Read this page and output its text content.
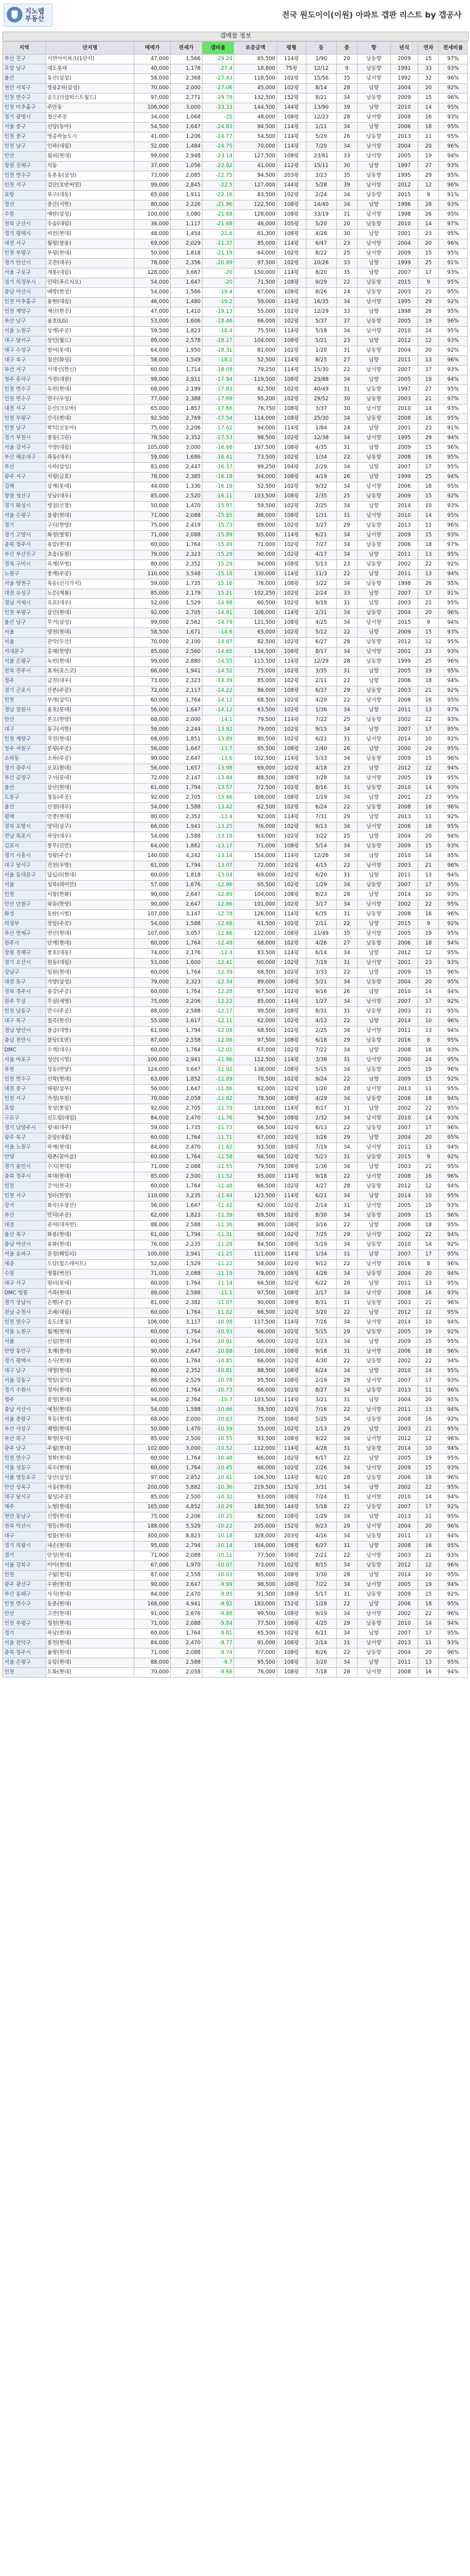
지노랩
부동산	전국 원도이이(이원) 아파트 갭판 리스트 by 갭공사
갭매물 정보
지역	단지명	매매가	전세가	갭비율	보증금액	평형	동	층	향	년식	연차	전세비율
부산 진구	서면아이파크(1단지)	47,000	1,566	-29.24	65,500	114평	1/90	20	남동향	2009	15	97%
포항 남구	대도롯데	40,000	1,178	-27.4	18,800	75평	12/12	9	남동향	1991	33	93%
울산	동산(삼성)	58,000	2,368	-27.43	118,500	102평	15/56	35	남서향	1992	32	96%
천안 서북구	쌍용2차(삼성)	70,000	2,000	-27.06	45,000	102평	8/14	28	남향	2004	20	92%
인천 연수구	송도(더샵퍼스트월드)	97,000	2,771	-29.79	132,500	152평	8/21	34	남동향	2009	15	96%
인천 미추홀구	주안동	106,000	3,000	-33.33	144,500	144평	13/90	39	남향	2010	14	95%
경기 광명시	철산주공	34,000	1,068	-25	48,000	108평	12/23	28	남서향	2008	16	93%
서울 중구	신당(동아)	54,500	1,647	-24.83	94,500	114평	1/11	34	남향	2006	18	95%
인천 중구	영종하늘도시	41,000	1,206	-24.77	54,500	114평	5/29	26	남동향	2013	11	95%
인천 남구	인하(대림)	52,000	1,484	-24.75	70,000	114평	7/20	34	남서향	2004	20	96%
안산	월피(현대)	99,000	2,948	-23.14	127,500	108평	23/81	33	남서향	2005	19	94%
창원 진해구	석동	37,000	1,056	-22.92	41,000	112평	15/11	30	남향	1997	27	93%
인천 연수구	동춘동(삼성)	73,000	2,085	-22.75	94,500	203평	3/23	35	남동향	1995	29	95%
인천 서구	검단(호반써밋)	99,000	2,845	-22.5	127,000	144평	5/28	39	남서향	2012	12	96%
포항	북구(대동)	65,000	1,911	-22.16	83,500	102평	2/24	34	남동향	2015	9	91%
경산	중산(서한)	80,000	2,226	-21.96	122,500	108평	14/40	34	남향	1996	28	93%
수원	매탄(삼성)	100,000	3,080	-21.88	128,000	108평	33/19	31	남서향	1998	26	95%
전북 군산시	수송(대림)	36,000	1,117	-21.68	46,000	105평	5/20	20	남동향	2010	14	97%
경기 평택시	비전(현대)	48,000	1,454	-21.6	61,300	108평	4/28	30	남향	2001	23	95%
대전 서구	월평(쌍용)	69,000	2,029	-21.37	85,000	114평	6/47	23	남서향	2004	20	96%
인천 부평구	부평(현대)	50,000	1,818	-21.19	64,000	102평	8/22	25	남서향	2009	15	95%
경기 안산시	고잔(대우)	78,000	2,356	-20.99	97,500	102평	10/26	33	남향	1999	25	91%
서울 구로구	개봉(대림)	128,000	3,667	-20	150,000	114평	8/20	35	남향	2007	17	93%
경기 의정부시	민락(푸르지오)	54,000	1,647	-20	71,500	108평	9/29	22	남동향	2015	9	95%
충남 아산시	배방(한성)	54,000	1,566	-19.4	67,000	108평	8/26	24	남동향	2003	21	95%
인천 미추홀구	용현(대림)	46,000	1,480	-19.2	59,000	114평	16/35	34	남서향	1995	29	92%
인천 계양구	계산(한진)	47,000	1,410	-19.13	55,000	102평	12/29	33	남향	1998	26	95%
부산 남구	용호(LG)	53,000	1,606	-18.46	66,000	102평	5/37	37	남동향	2005	19	96%
서울 노원구	상계(주공)	59,500	1,823	-18.4	75,500	114평	5/18	34	남서향	2010	14	95%
대구 달서구	상인(월드)	89,000	2,578	-18.27	104,000	108평	5/21	23	남향	2012	12	93%
대구 수성구	범어(롯데)	64,000	1,950	-18.31	81,000	102평	1/20	31	남동향	2004	20	92%
대구 북구	침산(화성)	58,000	1,549	-18.1	52,500	114평	8/25	27	남향	2011	13	96%
부산 서구	서대신(한신)	60,000	1,714	-18.09	79,250	114평	15/30	22	남서향	2007	17	93%
청주 흥덕구	가경(대원)	99,000	2,911	-17.94	119,500	108평	23/88	34	남향	2005	19	94%
인천 연수구	옥련(현대)	68,000	2,199	-17.83	82,500	102평	40/49	31	남동향	1997	27	95%
인천 연수구	연수(우성)	77,000	2,388	-17.69	95,200	102평	29/52	30	남동향	2003	21	97%
대전 서구	둔산(크로바)	65,000	1,857	-17.66	76,750	108평	3/37	30	남서향	2010	14	93%
인천 부평구	산곡(현대)	92,500	2,769	-17.54	114,000	108평	25/30	34	남동향	2008	16	95%
인천 남구	학익(신동아)	75,000	2,206	-17.62	94,000	114평	1/84	24	남향	2001	23	91%
경기 부천시	중동(그린)	78,500	2,352	-17.53	98,500	102평	12/38	34	남서향	1995	29	94%
서울 강서구	가양(대림)	105,000	3,000	-16.66	197,500	108평	4/35	31	남향	2009	15	96%
부산 해운대구	좌동(대우)	59,000	1,686	-16.41	73,500	102평	1/34	22	남동향	2008	16	95%
부산	사하(삼성)	83,000	2,447	-16.37	99,250	104평	2/29	34	남향	2007	17	95%
광주 서구	치평(금호)	78,000	2,385	-16.18	94,000	108평	4/19	26	남향	1999	25	94%
김해	삼계(롯데)	44,000	1,330	-16.19	52,500	102평	9/32	34	남서향	2006	18	95%
창원 성산구	상남(대우)	85,000	2,520	-16.11	103,500	108평	2/35	25	남동향	2009	15	92%
경기 화성시	병점(신창)	50,000	1,470	-15.97	59,500	102평	2/25	34	남향	2014	10	93%
서울 은평구	불광(현대)	71,000	2,088	-15.95	86,000	108평	1/31	31	남서향	2010	14	95%
경기	구리(한양)	75,000	2,419	-15.73	89,000	102평	3/27	29	남동향	2013	11	96%
경기 고양시	화정(별빛)	71,000	2,088	-15.89	95,000	114평	6/21	34	남서향	2009	15	93%
충북 청주시	용암(현대)	60,000	1,764	-15.49	71,000	102평	7/27	34	남동향	2006	18	97%
부산 부산진구	초읍(동원)	79,000	2,323	-15.28	90,000	102평	4/17	34	남향	2011	13	95%
경북 구미시	옥계(부영)	80,000	2,352	-15.29	94,000	108평	5/13	23	남동향	2002	22	92%
노원구	중계(주공)	110,000	3,548	-15.18	130,000	114평	11/3	22	남향	2011	13	94%
서울 양천구	목동(신시가지)	59,000	1,735	-15.16	76,000	108평	3/22	34	남동향	1998	26	95%
대전 유성구	노은(계룡)	85,000	2,179	-15.21	102,250	102평	2/24	33	남향	2007	17	91%
경남 거제시	옥포(대우)	52,000	1,529	-14.98	60,500	102평	9/19	31	남향	2003	21	95%
인천 부평구	삼산(현대)	92,000	2,705	-14.91	108,000	114평	2/31	34	남동향	2004	20	96%
울산 남구	무거(삼성)	99,000	2,562	-14.79	121,500	108평	4/25	34	남서향	2015	9	94%
서울	양천(현대)	58,500	1,671	-14.6	65,000	102평	5/12	22	남향	2009	15	93%
서울	관악(두산)	70,000	2,100	-14.67	82,500	102평	6/27	28	남동향	2012	12	95%
서대문구	홍제(한양)	85,000	2,560	-14.65	134,500	108평	8/17	34	남서향	2001	23	93%
서울 은평구	녹번(현대)	99,000	2,880	-14.55	115,500	114평	12/29	28	남동향	1999	25	96%
전북 전주시	효자(포스코)	66,000	1,941	-14.52	75,000	102평	3/35	31	남향	2005	19	95%
청주	금천(대우)	73,000	2,323	-14.39	85,000	102평	2/11	22	남향	2006	18	94%
경기 군포시	산본(주공)	72,000	2,117	-14.22	86,000	108평	6/37	29	남동향	2003	21	92%
인천	부개(삼익)	60,000	1,764	-14.12	68,500	102평	4/20	22	남서향	2008	16	95%
경남 창원시	용호(롯데)	56,000	1,647	-14.12	63,500	102평	1/36	34	남향	2011	13	97%
안산	본오(한양)	68,000	2,000	-14.1	79,500	114평	7/22	25	남동향	2002	22	93%
대구	동구(서한)	56,000	2,244	-13.92	79,000	102평	9/15	34	남향	2007	17	95%
인천 계양구	작전(현대)	68,000	1,851	-13.89	80,500	102평	6/21	31	남서향	2014	10	92%
청주 서원구	분평(주공)	56,000	1,647	-13.7	65,500	108평	2/40	26	남향	2000	24	95%
소하동	소하(주공)	90,000	2,647	-13.6	102,500	114평	5/33	34	남동향	2009	15	96%
경기 광주시	오포(현대)	56,000	1,657	-13.98	69,000	102평	4/18	23	남향	2012	12	94%
부산 금정구	구서(롯데)	72,000	2,147	-13.84	88,500	108평	3/28	34	남서향	2005	19	95%
울산	삼산(현대)	61,000	1,794	-13.57	72,500	102평	8/16	31	남동향	2010	14	93%
도봉구	창동(주공)	92,000	2,705	-13.46	108,000	108평	1/19	34	남향	2001	23	95%
울산	신정(대우)	54,000	1,588	-13.42	62,500	102평	6/24	22	남동향	2008	16	96%
평택	안중(현대)	80,000	2,352	-13.4	92,000	114평	7/31	29	남향	2013	11	92%
경북 포항시	양덕(삼구)	66,000	1,941	-13.25	76,000	102평	9/13	34	남서향	2006	18	95%
전남 목포시	하당(대우)	54,000	1,588	-13.19	63,000	102평	3/22	25	남향	2004	20	94%
김포시	풍무(신안)	64,000	1,882	-13.17	71,000	108평	5/14	34	남동향	2009	15	93%
경기 시흥시	정왕(주공)	140,000	4,242	-13.14	154,000	114평	12/26	34	남향	2010	14	95%
대구 달서구	진천(우방)	61,000	1,794	-13.07	72,000	102평	4/15	22	남서향	2003	21	96%
서울 동대문구	답십리(현대)	60,000	1,818	-13.04	69,000	102평	6/20	31	남향	2011	13	94%
서울	성북(래미안)	57,000	1,676	-12.96	65,500	102평	1/29	34	남동향	2007	17	95%
인천	서창(한화)	90,000	2,647	-12.89	104,000	108평	8/23	28	남향	2014	10	93%
안산 단원구	와동(한양)	90,000	2,647	-12.86	101,000	102평	3/17	34	남서향	2002	22	95%
화성	동탄(시범)	107,000	3,147	-12.78	126,000	114평	6/35	31	남동향	2008	16	96%
의정부	장암(주공)	54,000	1,588	-12.68	61,500	102평	2/11	22	남향	2015	9	92%
부산 연제구	연산(현대)	107,000	3,057	-12.66	122,000	108평	11/49	35	남서향	2005	19	95%
원주시	단계(현대)	60,000	1,764	-12.49	68,000	102평	4/26	27	남동향	2006	18	94%
창원 진해구	풍호(대동)	74,000	2,176	-12.4	83,500	114평	6/14	34	남향	2012	12	95%
경기 오산시	원동(대림)	53,000	1,600	-12.41	60,000	102평	7/19	31	남서향	2001	23	93%
강남구	일원(현대)	60,000	1,764	-12.39	68,500	102평	3/33	22	남향	2009	15	96%
대전 동구	가양(삼성)	79,000	2,323	-12.34	89,000	108평	5/21	34	남동향	2004	20	95%
경북 경주시	용강(주공)	60,000	1,764	-12.28	67,500	102평	9/16	26	남향	2010	14	94%
원주 무실	무실(세영)	75,000	2,206	-12.22	85,000	114평	1/27	34	남서향	2007	17	92%
인천 남동구	만수(주공)	88,000	2,588	-12.17	99,500	108평	8/31	31	남동향	2003	21	95%
대구 북구	칠곡(한신)	55,000	1,617	-12.11	62,000	102평	4/12	22	남향	2014	10	96%
경남 양산시	물금(대방)	61,000	1,794	-12.08	68,500	102평	2/25	34	남서향	2011	13	94%
충남 천안시	불당(호반)	87,000	2,558	-12.06	97,500	108평	6/18	29	남동향	2016	8	95%
DMC	수색(대우)	60,000	1,764	-12.01	67,000	102평	7/22	34	남향	2008	16	93%
서울 마포구	성산(시영)	100,000	2,941	-11.96	112,500	114평	3/38	31	남서향	2000	24	95%
부천	상동(반달)	124,000	3,647	-11.92	138,000	108평	5/15	34	남동향	2005	19	96%
인천 연수구	선학(현대)	63,000	1,852	-11.89	70,500	102평	9/24	22	남향	2009	15	92%
대전 중구	태평(삼부)	56,000	1,647	-11.86	62,000	102평	1/20	28	남서향	2013	11	95%
인천 서구	가정(루원)	70,000	2,058	-11.82	78,500	108평	4/29	34	남동향	2006	18	94%
포항	장성(풍림)	92,000	2,705	-11.79	103,000	114평	8/17	31	남향	2002	22	95%
구로구	신도림(대림)	84,000	2,470	-11.76	94,500	108평	2/32	34	남서향	2010	14	93%
경기 남양주시	평내(대주)	59,000	1,735	-11.73	66,500	102평	6/13	22	남동향	2007	17	96%
광주 북구	운암(대림)	60,000	1,764	-11.71	67,000	102평	3/26	29	남향	2004	20	95%
서울 노원구	하계(현대)	84,000	2,470	-11.62	93,500	108평	7/19	34	남서향	2011	13	94%
안양	평촌(꿈마을)	60,000	1,764	-11.58	66,500	102평	5/23	31	남동향	2015	9	92%
경기 용인시	수지(현대)	71,000	2,088	-11.55	79,500	108평	1/36	34	남향	2003	21	95%
충북 청주시	복대(현대)	85,000	2,500	-11.52	95,000	114평	9/18	22	남서향	2008	16	96%
인천	간석(한국)	60,000	1,764	-11.48	66,500	102평	4/27	28	남동향	2012	12	94%
인천 서구	청라(한양)	110,000	3,235	-11.44	123,500	114평	6/21	34	남향	2014	10	95%
강서	화곡(우장산)	56,000	1,647	-11.42	62,000	102평	2/14	31	남서향	2005	19	93%
부산	만덕(주공)	62,000	1,823	-11.39	69,500	102평	8/30	34	남동향	2009	15	96%
대전	관저(대자연)	88,000	2,588	-11.36	98,000	108평	3/16	22	남향	2006	18	95%
울산 북구	화봉(현대)	61,000	1,794	-11.31	68,000	102평	7/25	29	남서향	2002	22	94%
충남 아산시	용화(현대)	76,000	2,235	-11.28	84,500	108평	5/19	34	남동향	2010	14	92%
서울 송파구	문정(훼밀리)	100,000	2,941	-11.25	111,000	114평	1/34	31	남향	2007	17	95%
세종	도담(힐스테이트)	52,000	1,529	-11.22	58,000	102평	9/12	22	남서향	2016	8	96%
수원	영통(벽산)	71,000	2,088	-11.19	79,000	108평	4/28	34	남동향	2004	20	94%
대구 서구	평리(롯데)	60,000	1,764	-11.14	66,500	102평	6/22	28	남향	2011	13	95%
DMC 영통	가좌(현대)	88,000	2,588	-11.1	97,500	108평	2/17	34	남서향	2008	16	93%
경기 성남시	은행(주공)	81,000	2,382	-11.07	90,000	108평	8/31	31	남동향	2003	21	96%
전남 순천시	조례(대림)	60,000	1,764	-11.02	66,500	102평	3/20	22	남향	2012	12	95%
인천 연수구	송도(풍림)	106,000	3,117	-10.98	117,500	114평	7/26	34	남서향	2014	10	94%
서울 노원구	월계(현대)	60,000	1,764	-10.93	66,000	102평	5/15	29	남동향	2005	19	92%
서울	신림(현대)	60,000	1,764	-10.91	66,000	102평	1/23	34	남향	2009	15	95%
안양 동안구	호계(현대)	90,000	2,647	-10.88	100,000	108평	9/18	31	남서향	2006	18	96%
경기 평택시	소사(현대)	60,000	1,764	-10.85	66,000	102평	4/30	22	남동향	2002	22	94%
대구 남구	대명(현대)	80,000	2,352	-10.81	88,500	108평	6/24	34	남향	2010	14	95%
서울 강동구	명일(삼익)	86,000	2,529	-10.78	95,500	108평	2/19	28	남서향	2007	17	93%
경기 수원시	정자(현대)	60,000	1,764	-10.73	66,000	102평	8/27	34	남동향	2013	11	96%
청주	봉명(현대)	94,000	2,764	-10.7	103,500	114평	3/21	31	남향	2004	20	95%
충남 서산시	예천(현대)	54,000	1,588	-10.66	59,500	102평	7/16	22	남서향	2011	13	94%
서울 중랑구	묵동(현대)	68,000	2,000	-10.63	75,000	108평	5/25	34	남동향	2008	16	92%
부산 사상구	괘법(현대)	50,000	1,470	-10.59	55,000	102평	1/13	29	남향	2003	21	95%
부산 북구	화명(롯데)	85,000	2,500	-10.55	93,500	108평	9/22	34	남서향	2012	12	96%
광주 남구	주월(현대)	102,000	3,000	-10.52	112,000	114평	4/28	31	남동향	2014	10	94%
인천 연수구	청학(현대)	60,000	1,764	-10.48	66,000	102평	6/17	22	남향	2005	19	95%
서울 성동구	옥수(현대)	60,000	1,764	-10.45	66,000	102평	2/26	34	남서향	2009	15	93%
서울 영등포구	당산(삼성)	97,000	2,852	-10.41	106,500	114평	8/20	28	남동향	2006	18	96%
안산 상록구	사동(현대)	200,000	5,882	-10.36	219,500	152평	3/31	34	남향	2002	22	95%
대구 달서구	월성(주공)	85,000	2,500	-10.32	93,000	108평	7/24	31	남서향	2010	14	94%
제주	노형(현대)	165,000	4,852	-10.29	180,500	144평	5/18	22	남동향	2007	17	92%
천안 동남구	신방(현대)	75,000	2,206	-10.25	82,000	108평	1/29	34	남향	2013	11	95%
전북 익산시	영등(현대)	188,000	5,529	-10.22	205,000	152평	9/23	29	남서향	2004	20	96%
대구	범물(현대)	300,000	8,823	-10.18	328,000	203평	4/16	34	남동향	2011	13	94%
경기 의왕시	내손(현대)	95,000	2,794	-10.14	104,000	108평	6/27	31	남향	2008	16	95%
경기	안성(현대)	71,000	2,088	-10.11	77,500	108평	2/21	22	남서향	2003	21	93%
서울 강북구	미아(현대)	67,000	1,970	-10.07	73,000	102평	8/15	34	남동향	2012	12	96%
인천	구월(현대)	87,000	2,558	-10.03	95,000	108평	3/30	28	남향	2014	10	95%
광주 광산구	수완(현대)	90,000	2,647	-9.99	98,500	108평	7/22	34	남서향	2005	19	94%
부산 동래구	사직(현대)	84,000	2,470	-9.95	91,500	108평	5/17	31	남동향	2009	15	92%
인천 연수구	동춘(현대)	168,000	4,941	-9.92	183,000	152평	1/28	22	남향	2006	18	95%
안산	고잔(현대)	91,000	2,676	-9.88	99,500	108평	9/19	34	남서향	2002	22	96%
인천 부평구	청천(현대)	71,000	2,088	-9.84	77,500	108평	4/25	29	남동향	2010	14	94%
경기	하남(현대)	60,000	1,764	-9.81	65,500	102평	6/21	34	남향	2007	17	95%
서울 관악구	봉천(현대)	84,000	2,470	-9.77	91,000	108평	2/14	31	남서향	2013	11	93%
충북 청주시	율량(현대)	71,000	2,088	-9.74	77,000	108평	8/26	22	남동향	2004	20	96%
서울 은평구	응암(현대)	88,000	2,588	-9.7	95,500	108평	3/20	34	남향	2011	13	95%
인천	도화(현대)	70,000	2,058	-9.66	76,000	108평	7/18	28	남서향	2008	16	94%
